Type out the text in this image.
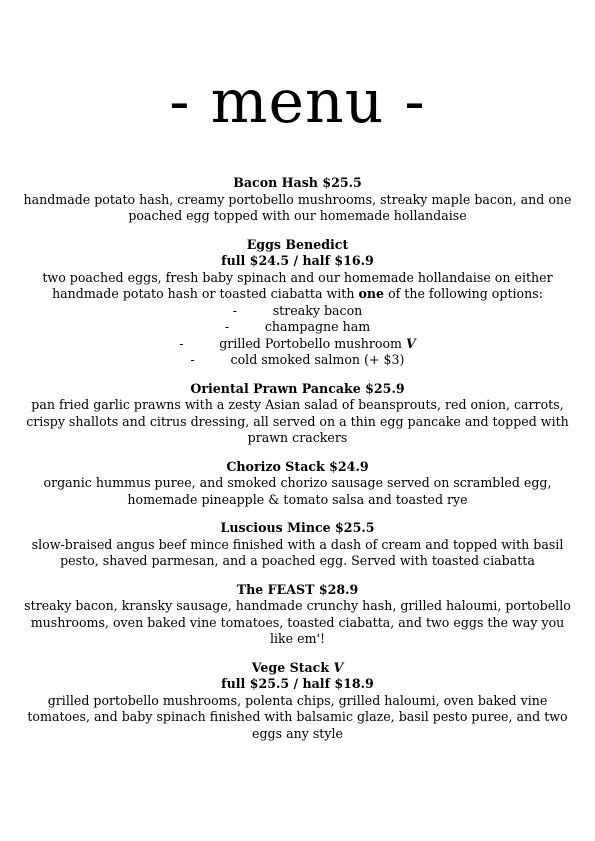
- menu -
Bacon Hash $25.5
handmade potato hash, creamy portobello mushrooms, streaky maple bacon, and one poached egg topped with our homemade hollandaise
Eggs Benedict
full $24.5 / half $16.9
two poached eggs, fresh baby spinach and our homemade hollandaise on either handmade potato hash or toasted ciabatta with one of the following options:
-	streaky bacon
-	champagne ham
-	grilled Portobello mushroom V
-	cold smoked salmon (+ $3)
Oriental Prawn Pancake $25.9
pan fried garlic prawns with a zesty Asian salad of beansprouts, red onion, carrots, crispy shallots and citrus dressing, all served on a thin egg pancake and topped with prawn crackers
Chorizo Stack $24.9
organic hummus puree, and smoked chorizo sausage served on scrambled egg, homemade pineapple & tomato salsa and toasted rye
Luscious Mince $25.5
slow-braised angus beef mince finished with a dash of cream and topped with basil pesto, shaved parmesan, and a poached egg. Served with toasted ciabatta
The FEAST $28.9
streaky bacon, kransky sausage, handmade crunchy hash, grilled haloumi, portobello mushrooms, oven baked vine tomatoes, toasted ciabatta, and two eggs the way you like em'!
Vege Stack V
full $25.5 / half $18.9
grilled portobello mushrooms, polenta chips, grilled haloumi, oven baked vine tomatoes, and baby spinach finished with balsamic glaze, basil pesto puree, and two eggs any style
